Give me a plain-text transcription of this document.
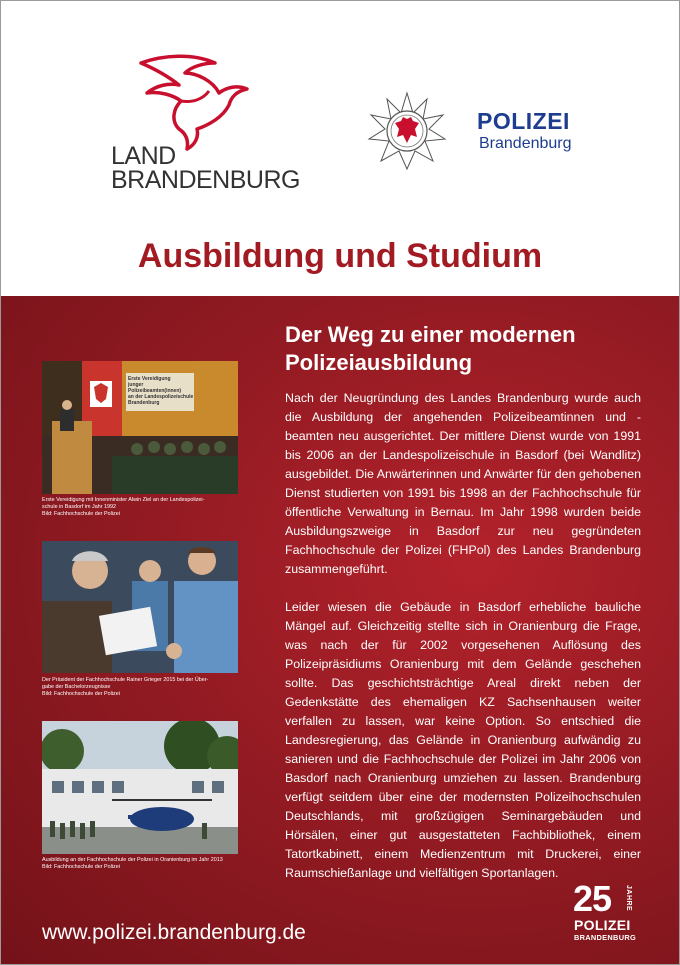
LAND
BRANDENBURG
POLIZEI
Brandenburg
Ausbildung und Studium
Erste Vereidigung
junger Polizeibeamten(innen)
an der Landespolizeischule Brandenburg
Erste Vereidigung mit Innenminister Alwin Ziel an der Landespolizei-
schule in Basdorf im Jahr 1992
Bild: Fachhochschule der Polizei
Der Präsident der Fachhochschule Rainer Grieger 2015 bei der Über-
gabe der Bachelorzeugnisse
Bild: Fachhochschule der Polizei
Ausbildung an der Fachhochschule der Polizei in Oranienburg im Jahr 2013
Bild: Fachhochschule der Polizei
Der Weg zu einer modernen
Polizeiausbildung

Nach der Neugründung des Landes Brandenburg wurde auch die Ausbildung der angehenden Polizeibeamtinnen und -beamten neu ausgerichtet. Der mittlere Dienst wurde von 1991 bis 2006 an der Landespolizeischule in Basdorf (bei Wandlitz) ausgebildet. Die Anwärterinnen und Anwärter für den gehobenen Dienst studierten von 1991 bis 1998 an der Fachhochschule für öffentliche Verwaltung in Bernau. Im Jahr 1998 wurden beide Ausbildungszweige in Basdorf zur neu gegründeten Fachhochschule der Polizei (FHPol) des Landes Brandenburg zusammengeführt.

Leider wiesen die Gebäude in Basdorf erhebliche bauliche Mängel auf. Gleichzeitig stellte sich in Oranienburg die Frage, was nach der für 2002 vorgesehenen Auflösung des Polizeipräsidiums Oranienburg mit dem Gelände geschehen sollte. Das geschichtsträchtige Areal direkt neben der Gedenkstätte des ehemaligen KZ Sachsenhausen weiter verfallen zu lassen, war keine Option. So entschied die Landesregierung, das Gelände in Oranienburg aufwändig zu sanieren und die Fachhochschule der Polizei im Jahr 2006 von Basdorf nach Oranienburg umziehen zu lassen. Brandenburg verfügt seitdem über eine der modernsten Polizeihochschulen Deutschlands, mit großzügigen Seminargebäuden und Hörsälen, einer gut ausgestatteten Fachbibliothek, einem Tatortkabinett, einem Medienzentrum mit Druckerei, einer Raumschießanlage und vielfältigen Sportanlagen.

www.polizei.brandenburg.de
25 JAHRE
POLIZEI
BRANDENBURG
